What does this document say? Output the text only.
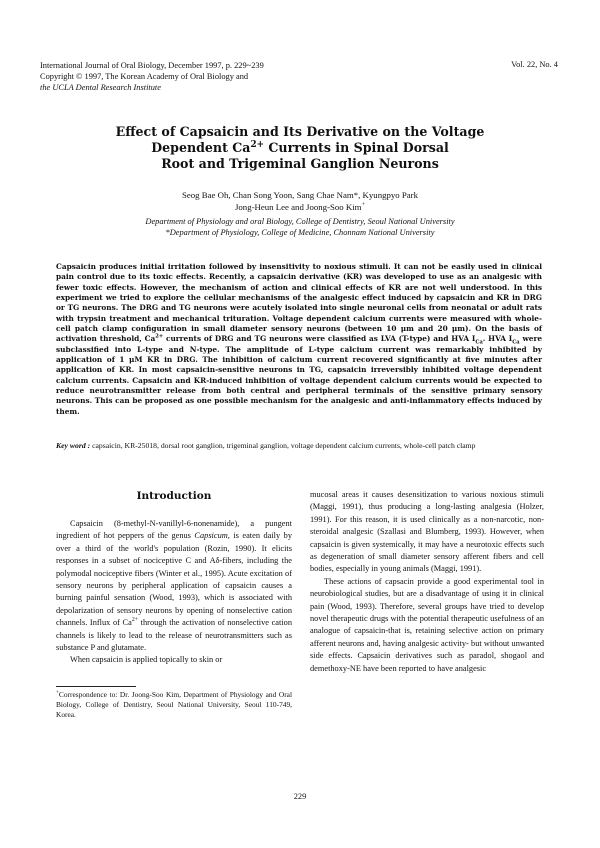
International Journal of Oral Biology, December 1997, p. 229~239
Copyright © 1997, The Korean Academy of Oral Biology and
the UCLA Dental Research Institute
Vol. 22, No. 4
Effect of Capsaicin and Its Derivative on the Voltage
Dependent $Ca^{2+}$ Currents in Spinal Dorsal
Root and Trigeminal Ganglion Neurons
Seog Bae Oh, Chan Song Yoon, Sang Chae Nam*, Kyungpyo Park
Jong-Heun Lee and Joong-Soo Kim+
Department of Physiology and oral Biology, College of Dentistry, Seoul National University
*Department of Physiology, College of Medicine, Chonnam National University
Capsaicin produces initial irritation followed by insensitivity to noxious stimuli. It can not be easily used in clinical pain control due to its toxic effects. Recently, a capsaicin derivative (KR) was developed to use as an analgesic with fewer toxic effects. However, the mechanism of action and clinical effects of KR are not well understood. In this experiment we tried to explore the cellular mechanisms of the analgesic effect induced by capsaicin and KR in DRG or TG neurons. The DRG and TG neurons were acutely isolated into single neuronal cells from neonatal or adult rats with trypsin treatment and mechanical trituration. Voltage dependent calcium currents were measured with whole-cell patch clamp configuration in small diameter sensory neurons (between 10 μm and 20 μm). On the basis of activation threshold, $Ca^{2+}$ currents of DRG and TG neurons were classified as LVA (T-type) and HVA $I_{Ca}$. HVA $I_{Ca}$ were subclassified into L-type and N-type. The amplitude of L-type calcium current was remarkably inhibited by application of 1 μM KR in DRG. The inhibition of calcium current recovered significantly at five minutes after application of KR. In most capsaicin-sensitive neurons in TG, capsaicin irreversibly inhibited voltage dependent calcium currents. Capsaicin and KR-induced inhibition of voltage dependent calcium currents would be expected to reduce neurotransmitter release from both central and peripheral terminals of the sensitive primary sensory neurons. This can be proposed as one possible mechanism for the analgesic and anti-inflammatory effects induced by them.
Key word : capsaicin, KR-25018, dorsal root ganglion, trigeminal ganglion, voltage dependent calcium currents, whole-cell patch clamp
Introduction

Capsaicin (8-methyl-N-vanillyl-6-nonenamide), a pungent ingredient of hot peppers of the genus Capsicum, is eaten daily by over a third of the world's population (Rozin, 1990). It elicits responses in a subset of nociceptive C and Aδ-fibers, including the polymodal nociceptive fibers (Winter et al., 1995). Acute excitation of sensory neurons by peripheral application of capsaicin causes a burning painful sensation (Wood, 1993), which is associated with depolarization of sensory neurons by opening of nonselective cation channels. Influx of $Ca^{2+}$ through the activation of nonselective cation channels is likely to lead to the release of neurotransmitters such as substance P and glutamate.

When capsaicin is applied topically to skin or

+Correspondence to: Dr. Joong-Soo Kim, Department of Physiology and Oral Biology, College of Dentistry, Seoul National University, Seoul 110-749, Korea.

mucosal areas it causes desensitization to various noxious stimuli (Maggi, 1991), thus producing a long-lasting analgesia (Holzer, 1991). For this reason, it is used clinically as a non-narcotic, non-steroidal analgesic (Szallasi and Blumberg, 1993). However, when capsaicin is given systemically, it may have a neurotoxic effects such as degeneration of small diameter sensory afferent fibers and cell bodies, especially in young animals (Maggi, 1991).

These actions of capsacin provide a good experimental tool in neurobiological studies, but are a disadvantage of using it in clinical pain (Wood, 1993). Therefore, several groups have tried to develop novel therapeutic drugs with the potential therapeutic usefulness of an analogue of capsaicin-that is, retaining selective action on primary afferent neurons and, having analgesic activity- but without unwanted side effects. Capsaicin derivatives such as paradol, shogaol and demethoxy-NE have been reported to have analgesic

229
